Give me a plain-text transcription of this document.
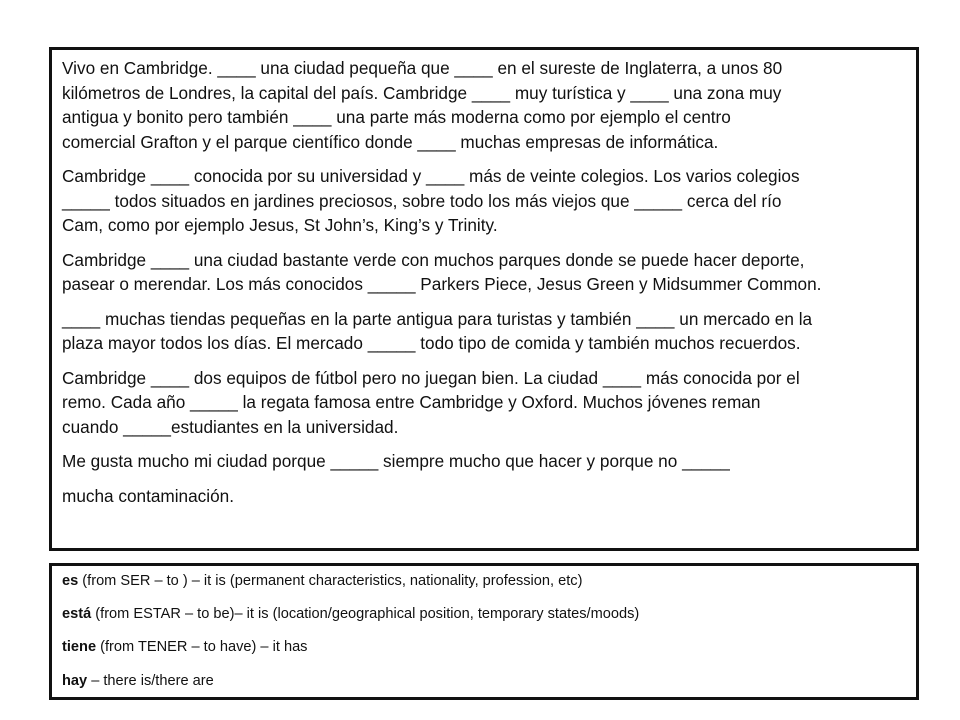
Vivo en Cambridge. ____ una ciudad pequeña que ____ en el sureste de Inglaterra, a unos 80
kilómetros de Londres, la capital del país. Cambridge ____ muy turística y ____ una zona muy
antigua y bonito pero también ____ una parte más moderna como por ejemplo el centro
comercial Grafton y el parque científico donde ____ muchas empresas de informática.
Cambridge ____ conocida por su universidad y ____ más de veinte colegios. Los varios colegios
_____ todos situados en jardines preciosos, sobre todo los más viejos que _____ cerca del río
Cam, como por ejemplo Jesus, St John’s, King’s y Trinity.
Cambridge ____ una ciudad bastante verde con muchos parques donde se puede hacer deporte,
pasear o merendar. Los más conocidos _____ Parkers Piece, Jesus Green y Midsummer Common.
____ muchas tiendas pequeñas en la parte antigua para turistas y también ____ un mercado en la
plaza mayor todos los días. El mercado _____ todo tipo de comida y también muchos recuerdos.
Cambridge ____ dos equipos de fútbol pero no juegan bien. La ciudad ____ más conocida por el
remo. Cada año _____ la regata famosa entre Cambridge y Oxford. Muchos jóvenes reman
cuando _____estudiantes en la universidad.
Me gusta mucho mi ciudad porque _____ siempre mucho que hacer y porque no _____
mucha contaminación.
es (from SER – to ) – it is (permanent characteristics, nationality, profession, etc)
está (from ESTAR – to be)– it is (location/geographical position, temporary states/moods)
tiene (from TENER – to have) – it has
hay – there is/there are
